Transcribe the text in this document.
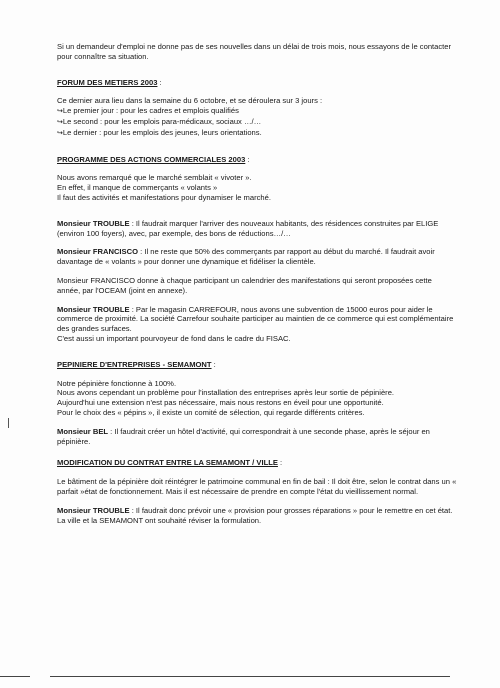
Si un demandeur d'emploi ne donne pas de ses nouvelles dans un délai de trois mois, nous essayons de le contacter pour connaître sa situation.

FORUM DES METIERS 2003 :

Ce dernier aura lieu dans la semaine du 6 octobre, et se déroulera sur 3 jours :

↪Le premier jour : pour les cadres et emplois qualifiés

↪Le second : pour les emplois para-médicaux, sociaux …/…

↪Le dernier : pour les emplois des jeunes, leurs orientations.

PROGRAMME DES ACTIONS COMMERCIALES 2003 :

Nous avons remarqué que le marché semblait « vivoter ».

En effet, il manque de commerçants « volants »

Il faut des activités et manifestations pour dynamiser le marché.

Monsieur TROUBLE : Il faudrait marquer l'arriver des nouveaux habitants, des résidences construites par ELIGE (environ 100 foyers), avec, par exemple, des bons de réductions…/…

Monsieur FRANCISCO : Il ne reste que 50% des commerçants par rapport au début du marché. Il faudrait avoir davantage de « volants » pour donner une dynamique et fidéliser la clientèle.

Monsieur FRANCISCO donne à chaque participant un calendrier des manifestations qui seront proposées cette année, par l'OCEAM (joint en annexe).

Monsieur TROUBLE : Par le magasin CARREFOUR, nous avons une subvention de 15000 euros pour aider le commerce de proximité. La société Carrefour souhaite participer au maintien de ce commerce qui est complémentaire des grandes surfaces.

C'est aussi un important pourvoyeur de fond dans le cadre du FISAC.

PEPINIERE D'ENTREPRISES - SEMAMONT :

Notre pépinière fonctionne à 100%.

Nous avons cependant un problème pour l'installation des entreprises après leur sortie de pépinière.

Aujourd'hui une extension n'est pas nécessaire, mais nous restons en éveil pour une opportunité.

Pour le choix des « pépins », il existe un comité de sélection, qui regarde différents critères.

Monsieur BEL : Il faudrait créer un hôtel d'activité, qui correspondrait à une seconde phase, après le séjour en pépinière.

MODIFICATION DU CONTRAT ENTRE LA SEMAMONT / VILLE :

Le bâtiment de la pépinière doit réintégrer le patrimoine communal en fin de bail : Il doit être, selon le contrat dans un « parfait »état de fonctionnement. Mais il est nécessaire de prendre en compte l'état du vieillissement normal.

Monsieur TROUBLE : Il faudrait donc prévoir une « provision pour grosses réparations » pour le remettre en cet état. La ville et la SEMAMONT ont souhaité réviser la formulation.
